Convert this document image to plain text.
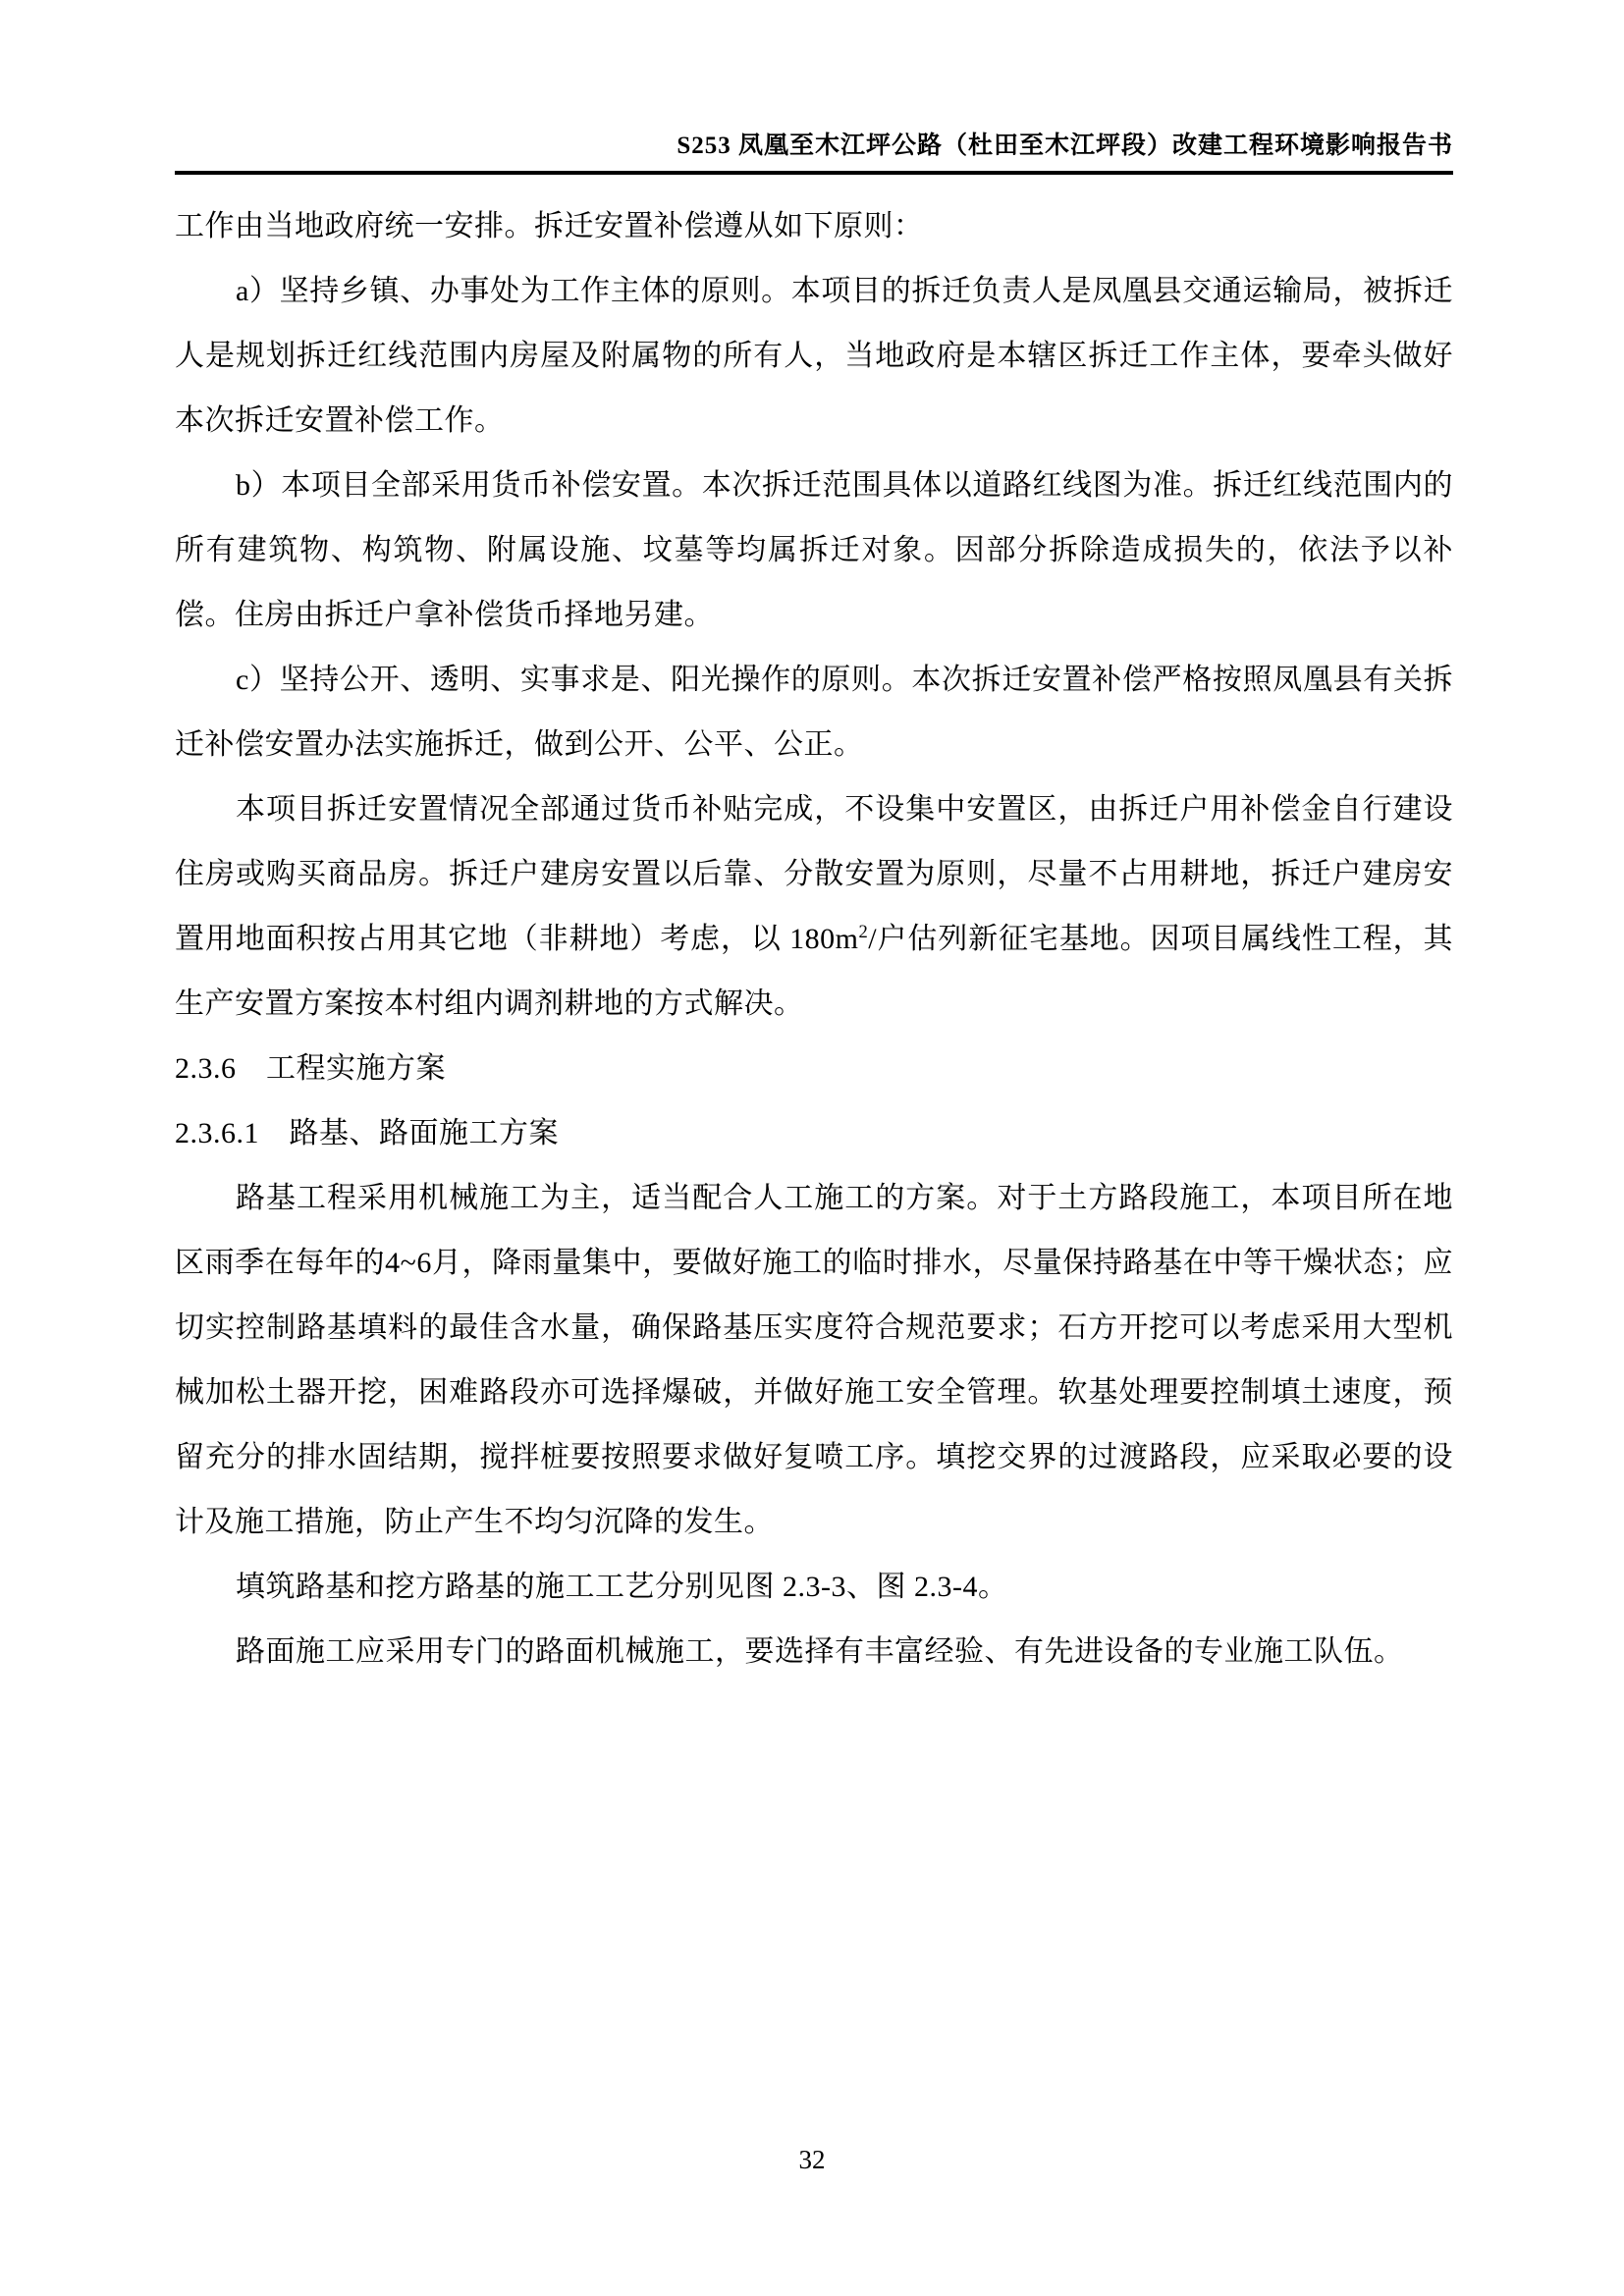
S253 凤凰至木江坪公路（杜田至木江坪段）改建工程环境影响报告书

工作由当地政府统一安排。拆迁安置补偿遵从如下原则：

a）坚持乡镇、办事处为工作主体的原则。本项目的拆迁负责人是凤凰县交通运输局，被拆迁人是规划拆迁红线范围内房屋及附属物的所有人，当地政府是本辖区拆迁工作主体，要牵头做好本次拆迁安置补偿工作。

b）本项目全部采用货币补偿安置。本次拆迁范围具体以道路红线图为准。拆迁红线范围内的所有建筑物、构筑物、附属设施、坟墓等均属拆迁对象。因部分拆除造成损失的，依法予以补偿。住房由拆迁户拿补偿货币择地另建。

c）坚持公开、透明、实事求是、阳光操作的原则。本次拆迁安置补偿严格按照凤凰县有关拆迁补偿安置办法实施拆迁，做到公开、公平、公正。

本项目拆迁安置情况全部通过货币补贴完成，不设集中安置区，由拆迁户用补偿金自行建设住房或购买商品房。拆迁户建房安置以后靠、分散安置为原则，尽量不占用耕地，拆迁户建房安置用地面积按占用其它地（非耕地）考虑，以 $180m^2/$户估列新征宅基地。因项目属线性工程，其生产安置方案按本村组内调剂耕地的方式解决。

2.3.6　工程实施方案

2.3.6.1　路基、路面施工方案

路基工程采用机械施工为主，适当配合人工施工的方案。对于土方路段施工，本项目所在地区雨季在每年的4~6月，降雨量集中，要做好施工的临时排水，尽量保持路基在中等干燥状态；应切实控制路基填料的最佳含水量，确保路基压实度符合规范要求；石方开挖可以考虑采用大型机械加松土器开挖，困难路段亦可选择爆破，并做好施工安全管理。软基处理要控制填土速度，预留充分的排水固结期，搅拌桩要按照要求做好复喷工序。填挖交界的过渡路段，应采取必要的设计及施工措施，防止产生不均匀沉降的发生。

填筑路基和挖方路基的施工工艺分别见图 2.3-3、图 2.3-4。

路面施工应采用专门的路面机械施工，要选择有丰富经验、有先进设备的专业施工队伍。

32
